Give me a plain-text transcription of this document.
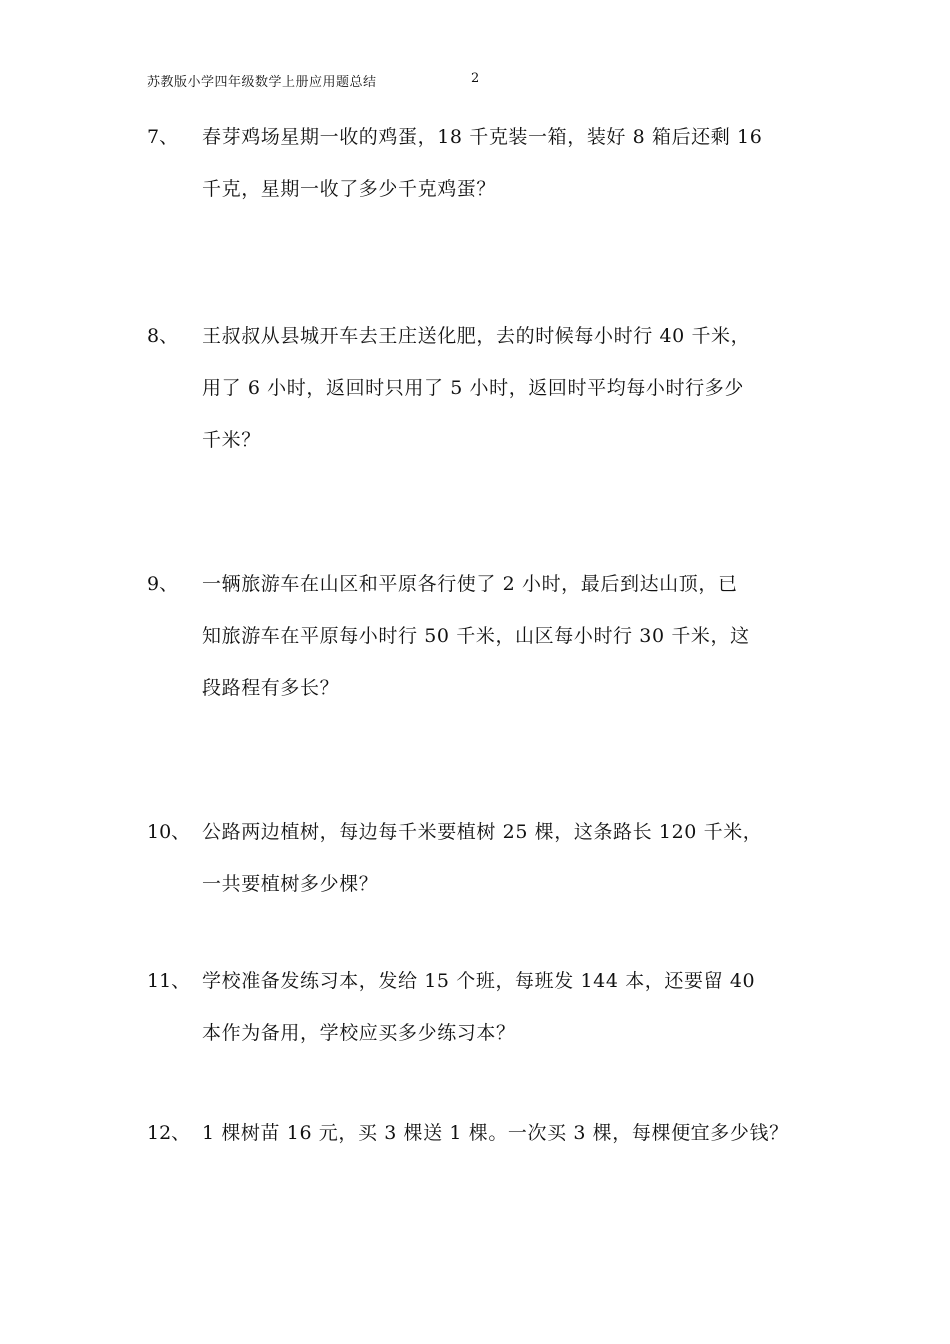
苏教版小学四年级数学上册应用题总结	2
7、 春芽鸡场星期一收的鸡蛋，18 千克装一箱，装好 8 箱后还剩 16
千克，星期一收了多少千克鸡蛋？
8、 王叔叔从县城开车去王庄送化肥，去的时候每小时行 40 千米，
用了 6 小时，返回时只用了 5 小时，返回时平均每小时行多少
千米？
9、 一辆旅游车在山区和平原各行使了 2 小时，最后到达山顶，已
知旅游车在平原每小时行 50 千米，山区每小时行 30 千米，这
段路程有多长？
10、 公路两边植树，每边每千米要植树 25 棵，这条路长 120 千米，
一共要植树多少棵？
11、 学校准备发练习本，发给 15 个班，每班发 144 本，还要留 40
本作为备用，学校应买多少练习本？
12、 1 棵树苗 16 元，买 3 棵送 1 棵。一次买 3 棵，每棵便宜多少钱？
